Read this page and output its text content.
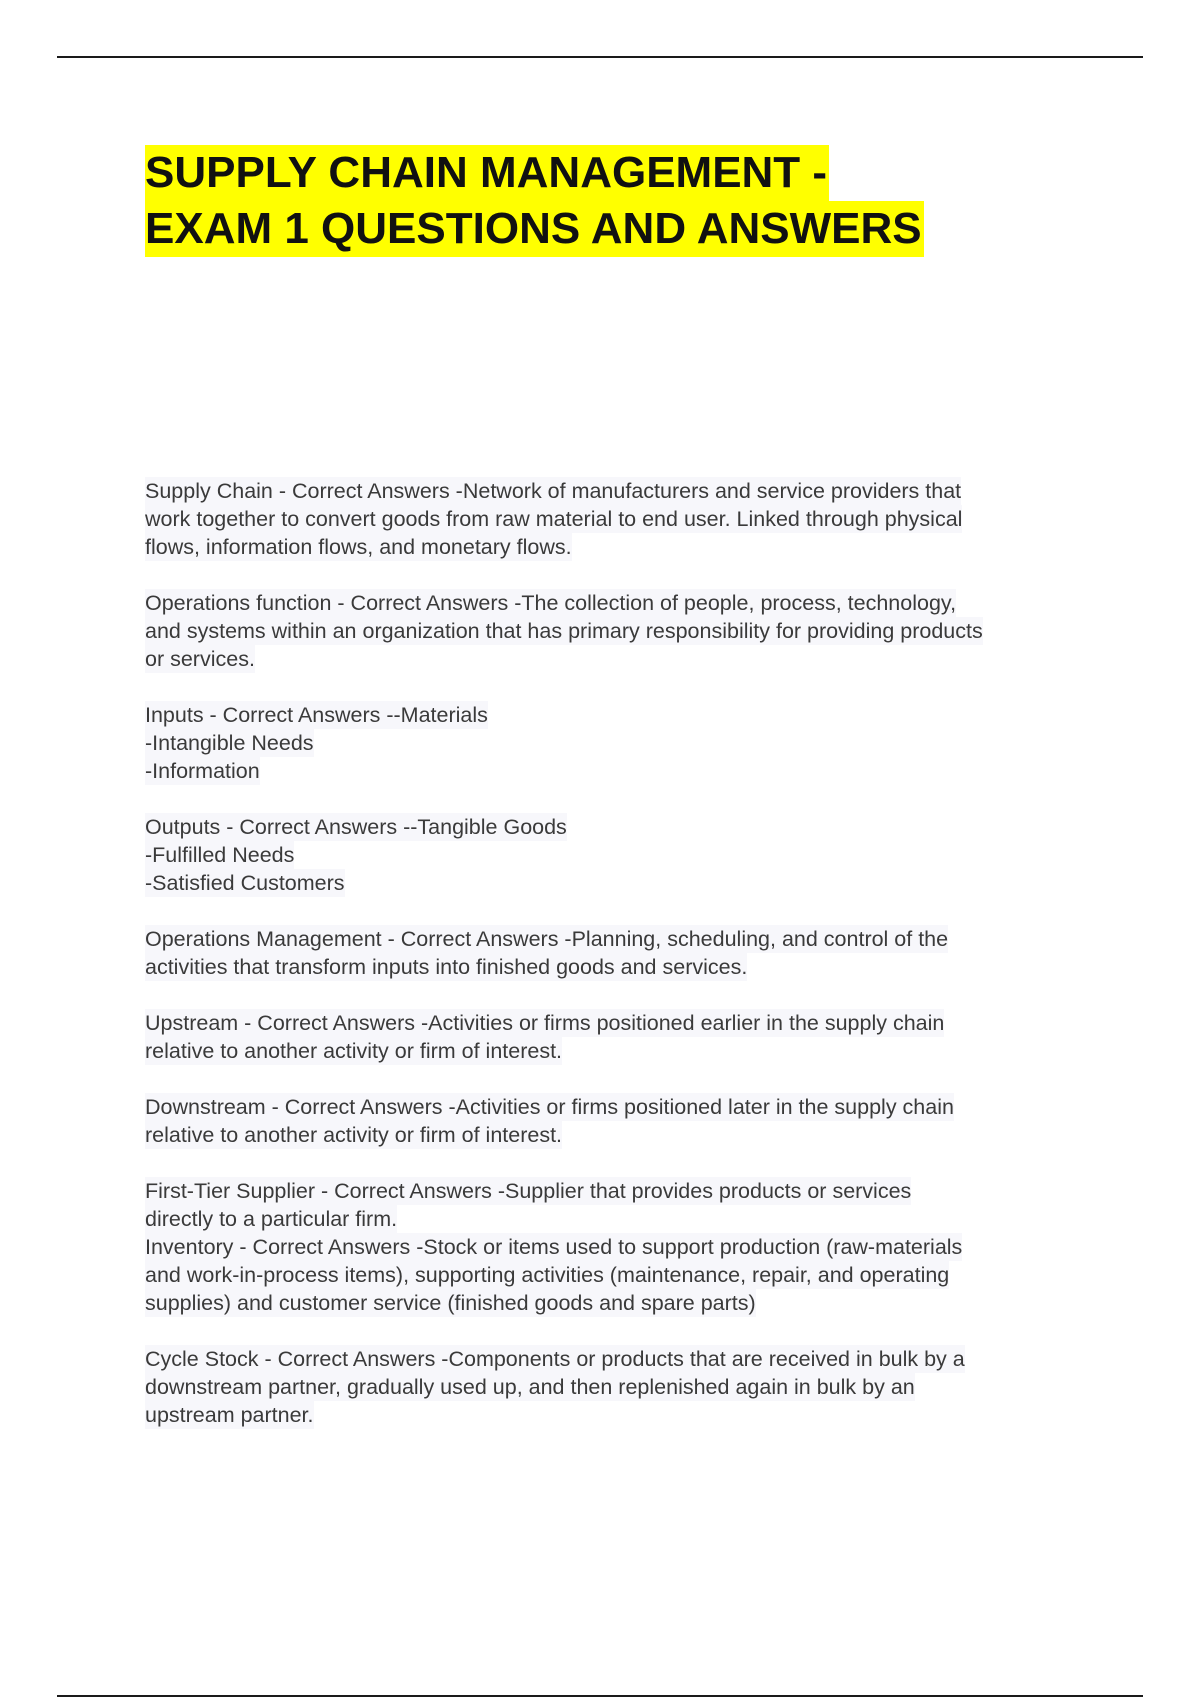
SUPPLY CHAIN MANAGEMENT -
EXAM 1 QUESTIONS AND ANSWERS
Supply Chain - Correct Answers -Network of manufacturers and service providers that
work together to convert goods from raw material to end user. Linked through physical
flows, information flows, and monetary flows.
Operations function - Correct Answers -The collection of people, process, technology,
and systems within an organization that has primary responsibility for providing products
or services.
Inputs - Correct Answers --Materials
-Intangible Needs
-Information
Outputs - Correct Answers --Tangible Goods
-Fulfilled Needs
-Satisfied Customers
Operations Management - Correct Answers -Planning, scheduling, and control of the
activities that transform inputs into finished goods and services.
Upstream - Correct Answers -Activities or firms positioned earlier in the supply chain
relative to another activity or firm of interest.
Downstream - Correct Answers -Activities or firms positioned later in the supply chain
relative to another activity or firm of interest.
First-Tier Supplier - Correct Answers -Supplier that provides products or services
directly to a particular firm.
Inventory - Correct Answers -Stock or items used to support production (raw-materials
and work-in-process items), supporting activities (maintenance, repair, and operating
supplies) and customer service (finished goods and spare parts)
Cycle Stock - Correct Answers -Components or products that are received in bulk by a
downstream partner, gradually used up, and then replenished again in bulk by an
upstream partner.
